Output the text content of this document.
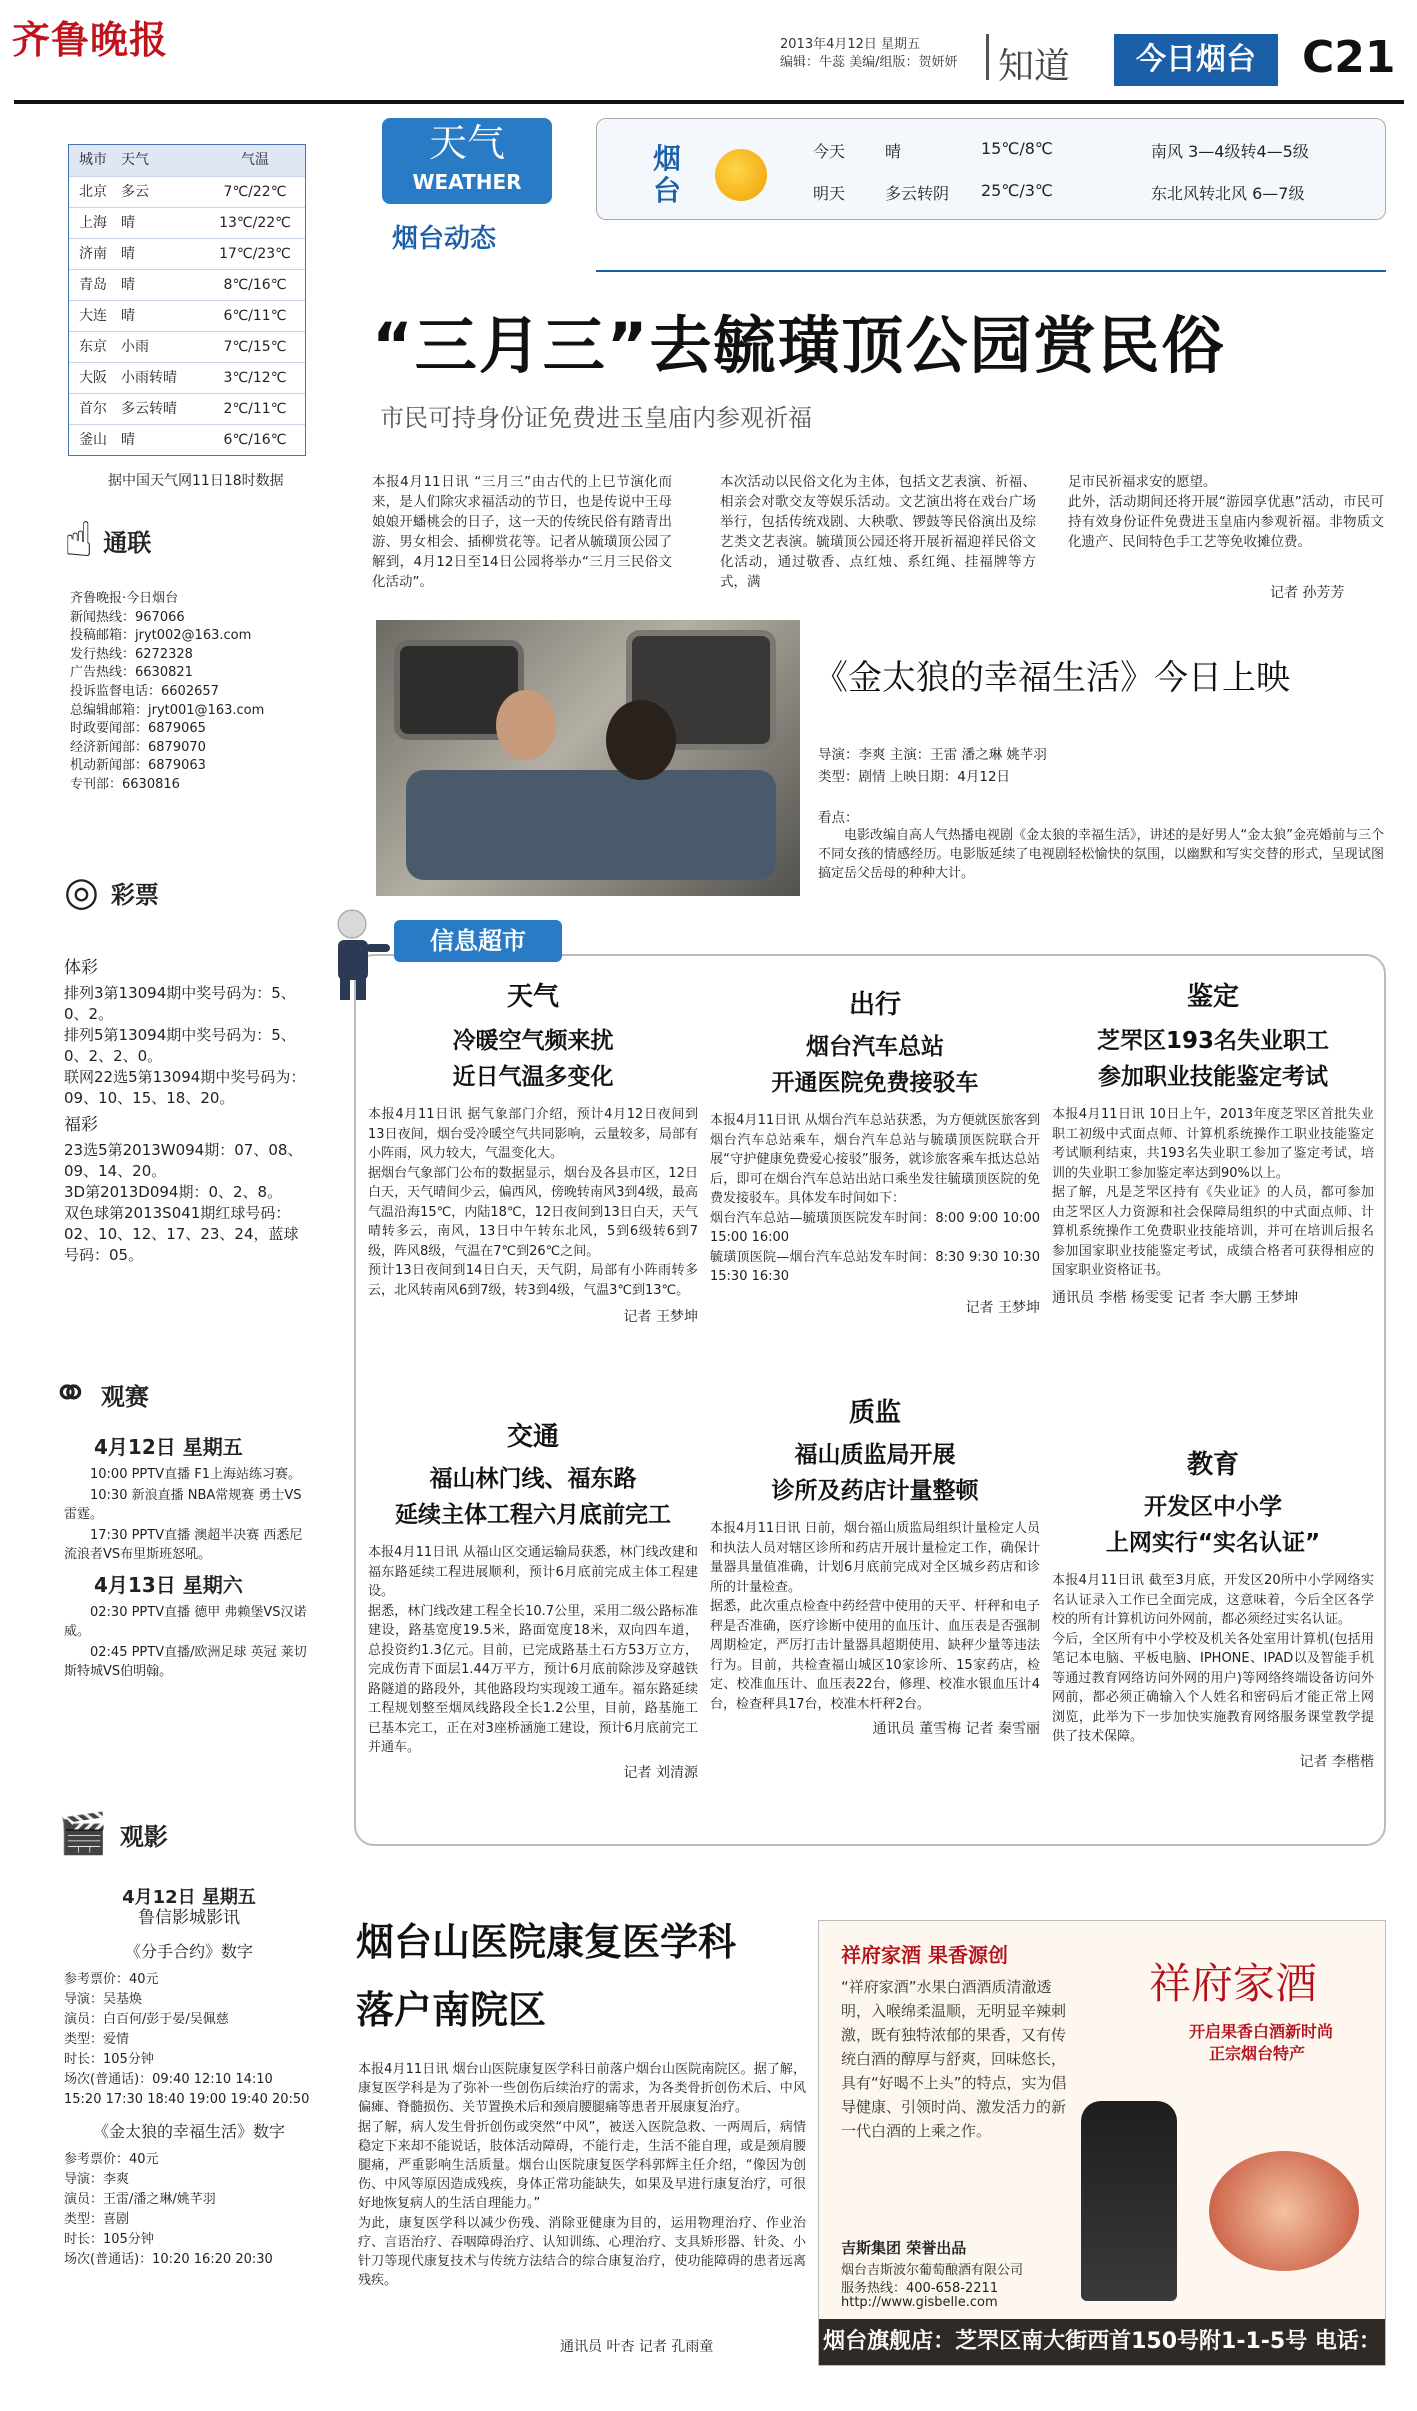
齐鲁晚报	2013年4月12日 星期五
编辑：牛蕊 美编/组版：贺妍妍	知道	今日烟台	C21
城市	天气	气温
北京	多云	7℃/22℃
上海	晴	13℃/22℃
济南	晴	17℃/23℃
青岛	晴	8℃/16℃
大连	晴	6℃/11℃
东京	小雨	7℃/15℃
大阪	小雨转晴	3℃/12℃
首尔	多云转晴	2℃/11℃
釜山	晴	6℃/16℃
据中国天气网11日18时数据
☝ 通联
齐鲁晚报·今日烟台
新闻热线：967066
投稿邮箱：jryt002@163.com
发行热线：6272328
广告热线：6630821
投诉监督电话：6602657
总编辑邮箱：jryt001@163.com
时政要闻部：6879065
经济新闻部：6879070
机动新闻部：6879063
专刊部：6630816
◎ 彩票
体彩
排列3第13094期中奖号码为：5、0、2。
排列5第13094期中奖号码为：5、0、2、2、0。
联网22选5第13094期中奖号码为：09、10、15、18、20。
福彩
23选5第2013W094期：07、08、09、14、20。
3D第2013D094期：0、2、8。
双色球第2013S041期红球号码：02、10、12、17、23、24，蓝球号码：05。
⚭ 观赛
4月12日 星期五
10:00 PPTV直播 F1上海站练习赛。
10:30 新浪直播 NBA常规赛 勇士VS雷霆。
17:30 PPTV直播 澳超半决赛 西悉尼流浪者VS布里斯班怒吼。
4月13日 星期六
02:30 PPTV直播 德甲 弗赖堡VS汉诺威。
02:45 PPTV直播/欧洲足球 英冠 莱切斯特城VS伯明翰。
🎬 观影
4月12日 星期五
鲁信影城影讯
《分手合约》数字
参考票价：40元
导演：吴基焕
演员：白百何/彭于晏/吴佩慈
类型：爱情
时长：105分钟
场次(普通话)：09:40 12:10 14:10 15:20 17:30 18:40 19:00 19:40 20:50
《金太狼的幸福生活》数字
参考票价：40元
导演：李爽
演员：王雷/潘之琳/姚芊羽
类型：喜剧
时长：105分钟
场次(普通话)：10:20 16:20 20:30
天气
WEATHER
烟台动态
烟台
今天	晴	15℃/8℃	南风 3—4级转4—5级
明天	多云转阴	25℃/3℃	东北风转北风 6—7级
“三月三”去毓璜顶公园赏民俗
市民可持身份证免费进玉皇庙内参观祈福
本报4月11日讯 “三月三”由古代的上巳节演化而来，是人们除灾求福活动的节日，也是传说中王母娘娘开蟠桃会的日子，这一天的传统民俗有踏青出游、男女相会、插柳赏花等。记者从毓璜顶公园了解到，4月12日至14日公园将举办“三月三民俗文化活动”。
本次活动以民俗文化为主体，包括文艺表演、祈福、相亲会对歌交友等娱乐活动。文艺演出将在戏台广场举行，包括传统戏剧、大秧歌、锣鼓等民俗演出及综艺类文艺表演。毓璜顶公园还将开展祈福迎祥民俗文化活动，通过敬香、点红烛、系红绳、挂福牌等方式，满
足市民祈福求安的愿望。
此外，活动期间还将开展“游园享优惠”活动，市民可持有效身份证件免费进玉皇庙内参观祈福。非物质文化遗产、民间特色手工艺等免收摊位费。
记者 孙芳芳
《金太狼的幸福生活》今日上映
导演：李爽 主演：王雷 潘之琳 姚芊羽
类型：剧情 上映日期：4月12日
看点：
电影改编自高人气热播电视剧《金太狼的幸福生活》，讲述的是好男人“金太狼”金亮婚前与三个不同女孩的情感经历。电影版延续了电视剧轻松愉快的氛围，以幽默和写实交替的形式，呈现试图搞定岳父岳母的种种大计。
信息超市
天气
冷暖空气频来扰
近日气温多变化
本报4月11日讯 据气象部门介绍，预计4月12日夜间到13日夜间，烟台受冷暖空气共同影响，云量较多，局部有小阵雨，风力较大，气温变化大。
据烟台气象部门公布的数据显示，烟台及各县市区，12日白天，天气晴间少云，偏西风，傍晚转南风3到4级，最高气温沿海15℃，内陆18℃，12日夜间到13日白天，天气晴转多云，南风，13日中午转东北风，5到6级转6到7级，阵风8级，气温在7℃到26℃之间。
预计13日夜间到14日白天，天气阴，局部有小阵雨转多云，北风转南风6到7级，转3到4级，气温3℃到13℃。
记者 王梦坤
出行
烟台汽车总站
开通医院免费接驳车
本报4月11日讯 从烟台汽车总站获悉，为方便就医旅客到烟台汽车总站乘车，烟台汽车总站与毓璜顶医院联合开展“守护健康免费爱心接驳”服务，就诊旅客乘车抵达总站后，即可在烟台汽车总站出站口乘坐发往毓璜顶医院的免费发接驳车。具体发车时间如下：
烟台汽车总站—毓璜顶医院发车时间：8:00 9:00 10:00 15:00 16:00
毓璜顶医院—烟台汽车总站发车时间：8:30 9:30 10:30 15:30 16:30
记者 王梦坤
鉴定
芝罘区193名失业职工
参加职业技能鉴定考试
本报4月11日讯 10日上午，2013年度芝罘区首批失业职工初级中式面点师、计算机系统操作工职业技能鉴定考试顺利结束，共193名失业职工参加了鉴定考试，培训的失业职工参加鉴定率达到90%以上。
据了解，凡是芝罘区持有《失业证》的人员，都可参加由芝罘区人力资源和社会保障局组织的中式面点师、计算机系统操作工免费职业技能培训，并可在培训后报名参加国家职业技能鉴定考试，成绩合格者可获得相应的国家职业资格证书。
通讯员 李楷 杨雯雯 记者 李大鹏 王梦坤
交通
福山林门线、福东路
延续主体工程六月底前完工
本报4月11日讯 从福山区交通运输局获悉，林门线改建和福东路延续工程进展顺利，预计6月底前完成主体工程建设。
据悉，林门线改建工程全长10.7公里，采用二级公路标准建设，路基宽度19.5米，路面宽度18米，双向四车道，总投资约1.3亿元。目前，已完成路基土石方53万立方，完成伤青下面层1.44万平方，预计6月底前除涉及穿越铁路隧道的路段外，其他路段均实现竣工通车。福东路延续工程规划整至烟凤线路段全长1.2公里，目前，路基施工已基本完工，正在对3座桥涵施工建设，预计6月底前完工并通车。
记者 刘清源
质监
福山质监局开展
诊所及药店计量整顿
本报4月11日讯 日前，烟台福山质监局组织计量检定人员和执法人员对辖区诊所和药店开展计量检定工作，确保计量器具量值准确，计划6月底前完成对全区城乡药店和诊所的计量检查。
据悉，此次重点检查中药经营中使用的天平、杆秤和电子秤是否准确，医疗诊断中使用的血压计、血压表是否强制周期检定，严厉打击计量器具超期使用、缺秤少量等违法行为。目前，共检查福山城区10家诊所、15家药店，检定、校准血压计、血压表22台，修理、校准水银血压计4台，检查秤具17台，校准木杆秤2台。
通讯员 董雪梅 记者 秦雪丽
教育
开发区中小学
上网实行“实名认证”
本报4月11日讯 截至3月底，开发区20所中小学网络实名认证录入工作已全面完成，这意味着，今后全区各学校的所有计算机访问外网前，都必须经过实名认证。
今后，全区所有中小学校及机关各处室用计算机(包括用笔记本电脑、平板电脑、IPHONE、IPAD以及智能手机等通过教育网络访问外网的用户)等网络终端设备访问外网前，都必须正确输入个人姓名和密码后才能正常上网浏览，此举为下一步加快实施教育网络服务课堂教学提供了技术保障。
记者 李楷楷
烟台山医院康复医学科
落户南院区
本报4月11日讯 烟台山医院康复医学科日前落户烟台山医院南院区。据了解，康复医学科是为了弥补一些创伤后续治疗的需求，为各类骨折创伤术后、中风偏瘫、脊髓损伤、关节置换术后和颈肩腰腿痛等患者开展康复治疗。
据了解，病人发生骨折创伤或突然“中风”，被送入医院急救、一两周后，病情稳定下来却不能说话，肢体活动障碍，不能行走，生活不能自理，或是颈肩腰腿痛，严重影响生活质量。烟台山医院康复医学科郭辉主任介绍，“像因为创伤、中风等原因造成残疾，身体正常功能缺失，如果及早进行康复治疗，可很好地恢复病人的生活自理能力。”
为此，康复医学科以减少伤残、消除亚健康为目的，运用物理治疗、作业治疗、言语治疗、吞咽障碍治疗、认知训练、心理治疗、支具矫形器、针灸、小针刀等现代康复技术与传统方法结合的综合康复治疗，使功能障碍的患者远离残疾。
通讯员 叶杏 记者 孔雨童
祥府家酒 果香源创
祥府家酒
开启果香白酒新时尚
正宗烟台特产
“祥府家酒”水果白酒酒质清澈透明，入喉绵柔温顺，无明显辛辣刺激，既有独特浓郁的果香，又有传统白酒的醇厚与舒爽，回味悠长，具有“好喝不上头”的特点，实为倡导健康、引领时尚、激发活力的新一代白酒的上乘之作。
吉斯集团 荣誉出品
烟台吉斯波尔葡萄酿酒有限公司
服务热线：400-658-2211
http://www.gisbelle.com
烟台旗舰店：芝罘区南大街西首150号附1-1-5号 电话：0535-6694999
